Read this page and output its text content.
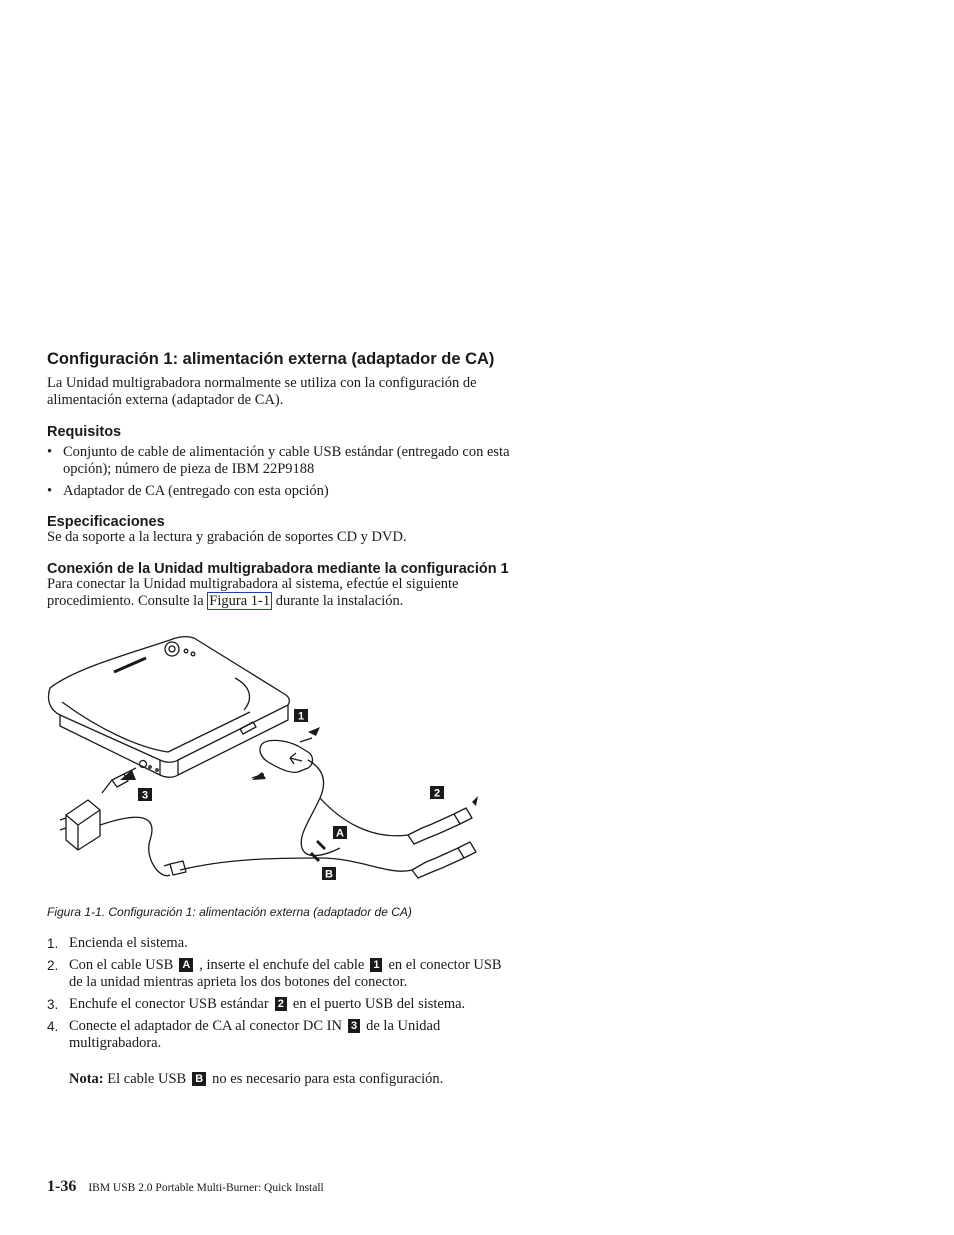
Configuración 1: alimentación externa (adaptador de CA)

La Unidad multigrabadora normalmente se utiliza con la configuración de
alimentación externa (adaptador de CA).

Requisitos
• Conjunto de cable de alimentación y cable USB estándar (entregado con esta
opción); número de pieza de IBM 22P9188
• Adaptador de CA (entregado con esta opción)
Especificaciones

Se da soporte a la lectura y grabación de soportes CD y DVD.

Conexión de la Unidad multigrabadora mediante la configuración 1

Para conectar la Unidad multigrabadora al sistema, efectúe el siguiente
procedimiento. Consulte la Figura 1-1 durante la instalación.

1
2
3
A
B
Figura 1-1. Configuración 1: alimentación externa (adaptador de CA)
1. Encienda el sistema.
2. Con el cable USB A , inserte el enchufe del cable 1 en el conector USB
de la unidad mientras aprieta los dos botones del conector.
3. Enchufe el conector USB estándar 2 en el puerto USB del sistema.
4. Conecte el adaptador de CA al conector DC IN 3 de la Unidad
multigrabadora.

Nota: El cable USB B no es necesario para esta configuración.

1-36 IBM USB 2.0 Portable Multi-Burner: Quick Install
